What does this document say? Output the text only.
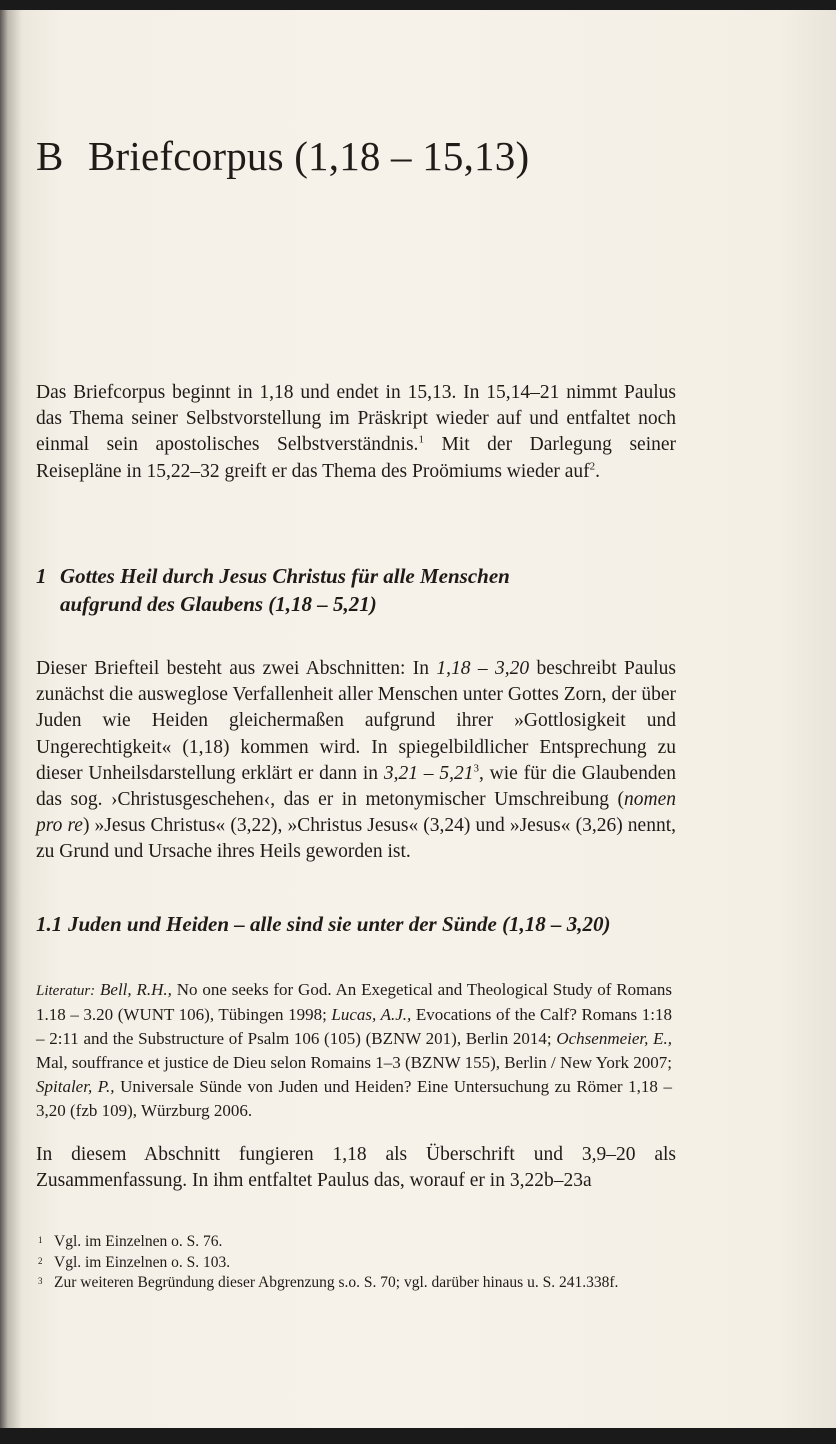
B Briefcorpus (1,18 – 15,13)

Das Briefcorpus beginnt in 1,18 und endet in 15,13. In 15,14–21 nimmt Paulus das Thema seiner Selbstvorstellung im Präskript wieder auf und entfaltet noch einmal sein apostolisches Selbstverständnis.$^1$ Mit der Darlegung seiner Reisepläne in 15,22–32 greift er das Thema des Proömiums wieder auf$^2$.

1 Gottes Heil durch Jesus Christus für alle Menschen
aufgrund des Glaubens (1,18 – 5,21)

Dieser Briefteil besteht aus zwei Abschnitten: In 1,18 – 3,20 beschreibt Paulus zunächst die ausweglose Verfallenheit aller Menschen unter Gottes Zorn, der über Juden wie Heiden gleichermaßen aufgrund ihrer »Gottlosigkeit und Ungerechtigkeit« (1,18) kommen wird. In spiegelbildlicher Entsprechung zu dieser Unheilsdarstellung erklärt er dann in 3,21 – 5,21$^3$, wie für die Glaubenden das sog. ›Christusgeschehen‹, das er in metonymischer Umschreibung (nomen pro re) »Jesus Christus« (3,22), »Christus Jesus« (3,24) und »Jesus« (3,26) nennt, zu Grund und Ursache ihres Heils geworden ist.

1.1 Juden und Heiden – alle sind sie unter der Sünde (1,18 – 3,20)

Literatur: Bell, R.H., No one seeks for God. An Exegetical and Theological Study of Romans 1.18 – 3.20 (WUNT 106), Tübingen 1998; Lucas, A.J., Evocations of the Calf? Romans 1:18 – 2:11 and the Substructure of Psalm 106 (105) (BZNW 201), Berlin 2014; Ochsenmeier, E., Mal, souffrance et justice de Dieu selon Romains 1–3 (BZNW 155), Berlin / New York 2007; Spitaler, P., Universale Sünde von Juden und Heiden? Eine Untersuchung zu Römer 1,18 – 3,20 (fzb 109), Würzburg 2006.

In diesem Abschnitt fungieren 1,18 als Überschrift und 3,9–20 als Zusammenfassung. In ihm entfaltet Paulus das, worauf er in 3,22b–23a

1 Vgl. im Einzelnen o. S. 76.
2 Vgl. im Einzelnen o. S. 103.
3 Zur weiteren Begründung dieser Abgrenzung s.o. S. 70; vgl. darüber hinaus u. S. 241.338f.
